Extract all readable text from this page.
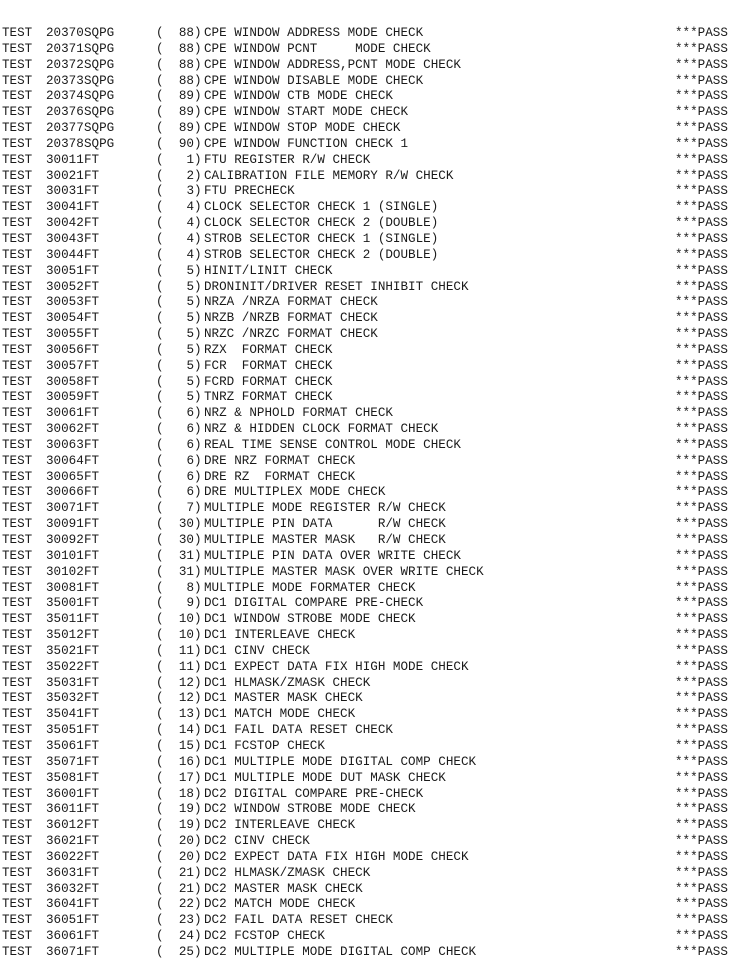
TEST 20370 SQPG	(	88 ) CPE WINDOW ADDRESS MODE CHECK	***PASS
TEST 20371 SQPG	(	88 ) CPE WINDOW PCNT     MODE CHECK	***PASS
TEST 20372 SQPG	(	88 ) CPE WINDOW ADDRESS,PCNT MODE CHECK	***PASS
TEST 20373 SQPG	(	88 ) CPE WINDOW DISABLE MODE CHECK	***PASS
TEST 20374 SQPG	(	89 ) CPE WINDOW CTB MODE CHECK	***PASS
TEST 20376 SQPG	(	89 ) CPE WINDOW START MODE CHECK	***PASS
TEST 20377 SQPG	(	89 ) CPE WINDOW STOP MODE CHECK	***PASS
TEST 20378 SQPG	(	90 ) CPE WINDOW FUNCTION CHECK 1	***PASS
TEST 30011 FT	(	1 ) FTU REGISTER R/W CHECK	***PASS
TEST 30021 FT	(	2 ) CALIBRATION FILE MEMORY R/W CHECK	***PASS
TEST 30031 FT	(	3 ) FTU PRECHECK	***PASS
TEST 30041 FT	(	4 ) CLOCK SELECTOR CHECK 1 (SINGLE)	***PASS
TEST 30042 FT	(	4 ) CLOCK SELECTOR CHECK 2 (DOUBLE)	***PASS
TEST 30043 FT	(	4 ) STROB SELECTOR CHECK 1 (SINGLE)	***PASS
TEST 30044 FT	(	4 ) STROB SELECTOR CHECK 2 (DOUBLE)	***PASS
TEST 30051 FT	(	5 ) HINIT/LINIT CHECK	***PASS
TEST 30052 FT	(	5 ) DRONINIT/DRIVER RESET INHIBIT CHECK	***PASS
TEST 30053 FT	(	5 ) NRZA /NRZA FORMAT CHECK	***PASS
TEST 30054 FT	(	5 ) NRZB /NRZB FORMAT CHECK	***PASS
TEST 30055 FT	(	5 ) NRZC /NRZC FORMAT CHECK	***PASS
TEST 30056 FT	(	5 ) RZX  FORMAT CHECK	***PASS
TEST 30057 FT	(	5 ) FCR  FORMAT CHECK	***PASS
TEST 30058 FT	(	5 ) FCRD FORMAT CHECK	***PASS
TEST 30059 FT	(	5 ) TNRZ FORMAT CHECK	***PASS
TEST 30061 FT	(	6 ) NRZ & NPHOLD FORMAT CHECK	***PASS
TEST 30062 FT	(	6 ) NRZ & HIDDEN CLOCK FORMAT CHECK	***PASS
TEST 30063 FT	(	6 ) REAL TIME SENSE CONTROL MODE CHECK	***PASS
TEST 30064 FT	(	6 ) DRE NRZ FORMAT CHECK	***PASS
TEST 30065 FT	(	6 ) DRE RZ  FORMAT CHECK	***PASS
TEST 30066 FT	(	6 ) DRE MULTIPLEX MODE CHECK	***PASS
TEST 30071 FT	(	7 ) MULTIPLE MODE REGISTER R/W CHECK	***PASS
TEST 30091 FT	(	30 ) MULTIPLE PIN DATA      R/W CHECK	***PASS
TEST 30092 FT	(	30 ) MULTIPLE MASTER MASK   R/W CHECK	***PASS
TEST 30101 FT	(	31 ) MULTIPLE PIN DATA OVER WRITE CHECK	***PASS
TEST 30102 FT	(	31 ) MULTIPLE MASTER MASK OVER WRITE CHECK	***PASS
TEST 30081 FT	(	8 ) MULTIPLE MODE FORMATER CHECK	***PASS
TEST 35001 FT	(	9 ) DC1 DIGITAL COMPARE PRE-CHECK	***PASS
TEST 35011 FT	(	10 ) DC1 WINDOW STROBE MODE CHECK	***PASS
TEST 35012 FT	(	10 ) DC1 INTERLEAVE CHECK	***PASS
TEST 35021 FT	(	11 ) DC1 CINV CHECK	***PASS
TEST 35022 FT	(	11 ) DC1 EXPECT DATA FIX HIGH MODE CHECK	***PASS
TEST 35031 FT	(	12 ) DC1 HLMASK/ZMASK CHECK	***PASS
TEST 35032 FT	(	12 ) DC1 MASTER MASK CHECK	***PASS
TEST 35041 FT	(	13 ) DC1 MATCH MODE CHECK	***PASS
TEST 35051 FT	(	14 ) DC1 FAIL DATA RESET CHECK	***PASS
TEST 35061 FT	(	15 ) DC1 FCSTOP CHECK	***PASS
TEST 35071 FT	(	16 ) DC1 MULTIPLE MODE DIGITAL COMP CHECK	***PASS
TEST 35081 FT	(	17 ) DC1 MULTIPLE MODE DUT MASK CHECK	***PASS
TEST 36001 FT	(	18 ) DC2 DIGITAL COMPARE PRE-CHECK	***PASS
TEST 36011 FT	(	19 ) DC2 WINDOW STROBE MODE CHECK	***PASS
TEST 36012 FT	(	19 ) DC2 INTERLEAVE CHECK	***PASS
TEST 36021 FT	(	20 ) DC2 CINV CHECK	***PASS
TEST 36022 FT	(	20 ) DC2 EXPECT DATA FIX HIGH MODE CHECK	***PASS
TEST 36031 FT	(	21 ) DC2 HLMASK/ZMASK CHECK	***PASS
TEST 36032 FT	(	21 ) DC2 MASTER MASK CHECK	***PASS
TEST 36041 FT	(	22 ) DC2 MATCH MODE CHECK	***PASS
TEST 36051 FT	(	23 ) DC2 FAIL DATA RESET CHECK	***PASS
TEST 36061 FT	(	24 ) DC2 FCSTOP CHECK	***PASS
TEST 36071 FT	(	25 ) DC2 MULTIPLE MODE DIGITAL COMP CHECK	***PASS
